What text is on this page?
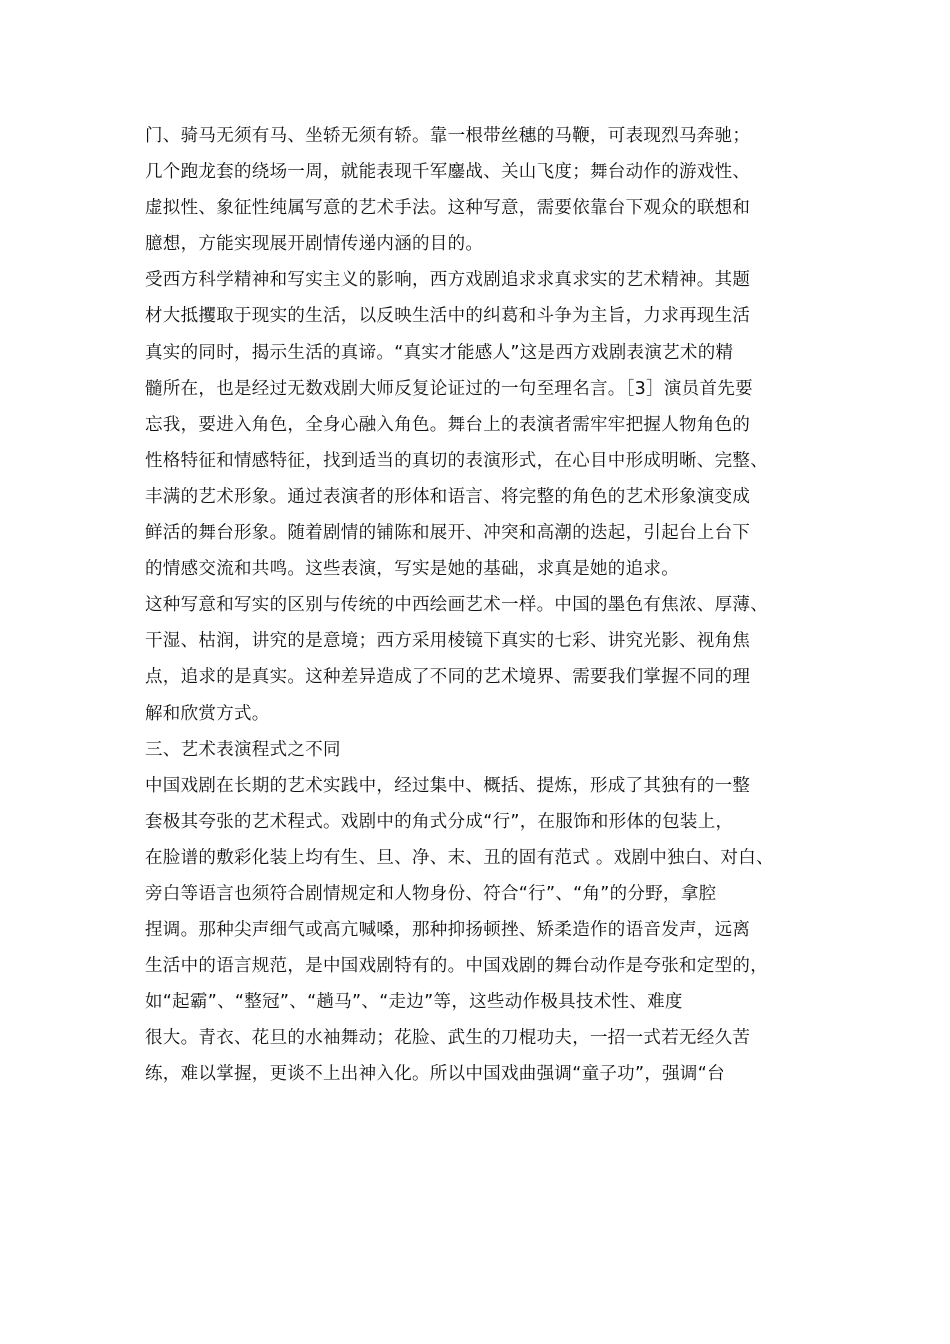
门、骑马无须有马、坐轿无须有轿。靠一根带丝穗的马鞭，可表现烈马奔驰；
几个跑龙套的绕场一周，就能表现千军鏖战、关山飞度；舞台动作的游戏性、
虚拟性、象征性纯属写意的艺术手法。这种写意，需要依靠台下观众的联想和
臆想，方能实现展开剧情传递内涵的目的。
受西方科学精神和写实主义的影响，西方戏剧追求求真求实的艺术精神。其题
材大抵攫取于现实的生活，以反映生活中的纠葛和斗争为主旨，力求再现生活
真实的同时，揭示生活的真谛。“真实才能感人”这是西方戏剧表演艺术的精
髓所在，也是经过无数戏剧大师反复论证过的一句至理名言。［3］演员首先要
忘我，要进入角色，全身心融入角色。舞台上的表演者需牢牢把握人物角色的
性格特征和情感特征，找到适当的真切的表演形式，在心目中形成明晰、完整、
丰满的艺术形象。通过表演者的形体和语言、将完整的角色的艺术形象演变成
鲜活的舞台形象。随着剧情的铺陈和展开、冲突和高潮的迭起，引起台上台下
的情感交流和共鸣。这些表演，写实是她的基础，求真是她的追求。
这种写意和写实的区别与传统的中西绘画艺术一样。中国的墨色有焦浓、厚薄、
干湿、枯润，讲究的是意境；西方采用棱镜下真实的七彩、讲究光影、视角焦
点，追求的是真实。这种差异造成了不同的艺术境界、需要我们掌握不同的理
解和欣赏方式。
三、艺术表演程式之不同
中国戏剧在长期的艺术实践中，经过集中、概括、提炼，形成了其独有的一整
套极其夸张的艺术程式。戏剧中的角式分成“行”，在服饰和形体的包装上，
在脸谱的敷彩化装上均有生、旦、净、末、丑的固有范式 。戏剧中独白、对白、
旁白等语言也须符合剧情规定和人物身份、符合“行”、“角”的分野，拿腔
捏调。那种尖声细气或高亢喊嗓，那种抑扬顿挫、矫柔造作的语音发声，远离
生活中的语言规范，是中国戏剧特有的。中国戏剧的舞台动作是夸张和定型的，
如“起霸”、“整冠”、“趟马”、“走边”等，这些动作极具技术性、难度
很大。青衣、花旦的水袖舞动；花脸、武生的刀棍功夫，一招一式若无经久苦
练，难以掌握，更谈不上出神入化。所以中国戏曲强调“童子功”，强调“台
